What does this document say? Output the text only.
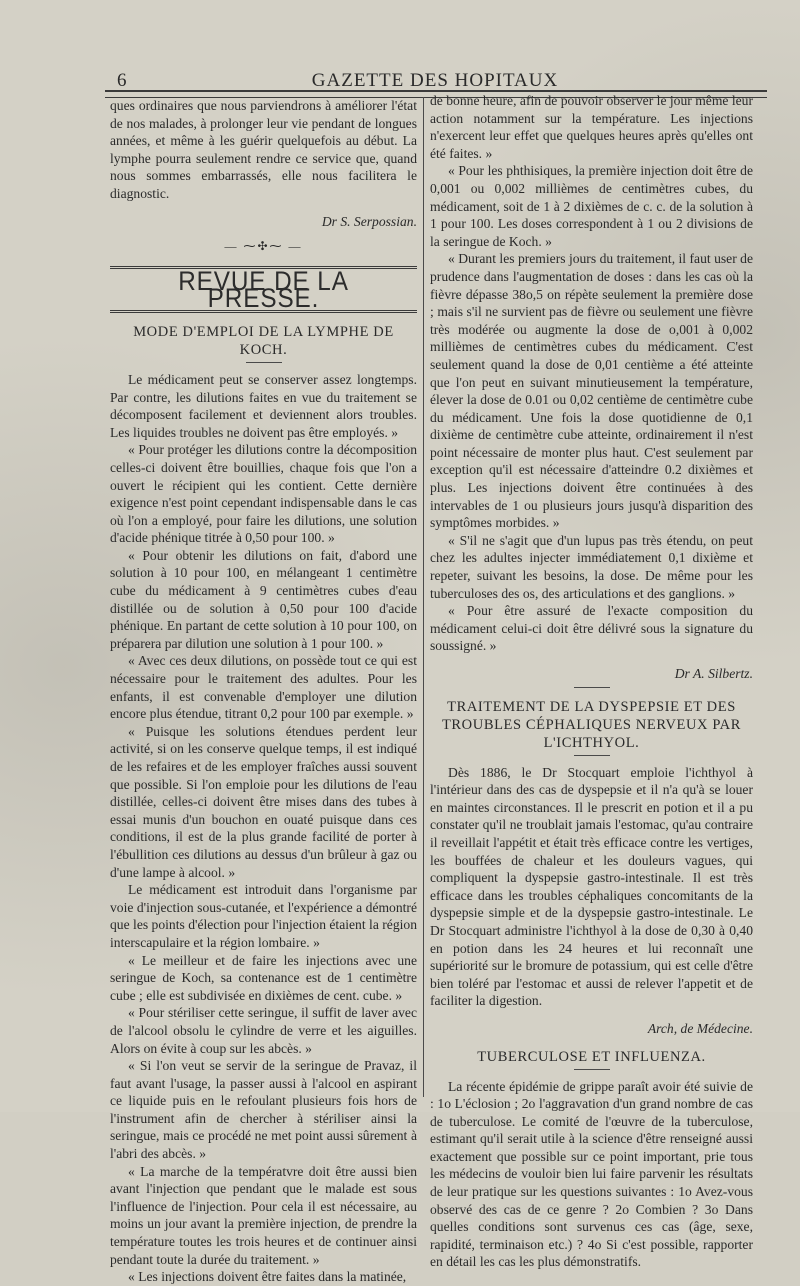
6	GAZETTE DES HOPITAUX

ques ordinaires que nous parviendrons à améliorer l'état de nos malades, à prolonger leur vie pendant de longues années, et même à les guérir quelquefois au début. La lymphe pourra seulement rendre ce service que, quand nous sommes embarrassés, elle nous facilitera le diagnostic.

Dr S. Serpossian.

— ⁓✣⁓ —
REVUE DE LA PRESSE.
MODE D'EMPLOI DE LA LYMPHE DE KOCH.

Le médicament peut se conserver assez longtemps. Par contre, les dilutions faites en vue du traitement se décomposent facilement et deviennent alors troubles. Les liquides troubles ne doivent pas être employés. »

« Pour protéger les dilutions contre la décomposition celles-ci doivent être bouillies, chaque fois que l'on a ouvert le récipient qui les contient. Cette dernière exigence n'est point cependant indispensable dans le cas où l'on a employé, pour faire les dilutions, une solution d'acide phénique titrée à 0,50 pour 100. »

« Pour obtenir les dilutions on fait, d'abord une solution à 10 pour 100, en mélangeant 1 centimètre cube du médicament à 9 centimètres cubes d'eau distillée ou de solution à 0,50 pour 100 d'acide phénique. En partant de cette solution à 10 pour 100, on préparera par dilution une solution à 1 pour 100. »

« Avec ces deux dilutions, on possède tout ce qui est nécessaire pour le traitement des adultes. Pour les enfants, il est convenable d'employer une dilution encore plus étendue, titrant 0,2 pour 100 par exemple. »

« Puisque les solutions étendues perdent leur activité, si on les conserve quelque temps, il est indiqué de les refaires et de les employer fraîches aussi souvent que possible. Si l'on emploie pour les dilutions de l'eau distillée, celles-ci doivent être mises dans des tubes à essai munis d'un bouchon en ouaté puisque dans ces conditions, il est de la plus grande facilité de porter à l'ébullition ces dilutions au dessus d'un brûleur à gaz ou d'une lampe à alcool. »

Le médicament est introduit dans l'organisme par voie d'injection sous-cutanée, et l'expérience a démontré que les points d'élection pour l'injection étaient la région interscapulaire et la région lombaire. »

« Le meilleur et de faire les injections avec une seringue de Koch, sa contenance est de 1 centimètre cube ; elle est subdivisée en dixièmes de cent. cube. »

« Pour stériliser cette seringue, il suffit de laver avec de l'alcool obsolu le cylindre de verre et les aiguilles. Alors on évite à coup sur les abcès. »

« Si l'on veut se servir de la seringue de Pravaz, il faut avant l'usage, la passer aussi à l'alcool en aspirant ce liquide puis en le refoulant plusieurs fois hors de l'instrument afin de chercher à stériliser ainsi la seringue, mais ce procédé ne met point aussi sûrement à l'abri des abcès. »

« La marche de la températvre doit être aussi bien avant l'injection que pendant que le malade est sous l'influence de l'injection. Pour cela il est nécessaire, au moins un jour avant la première injection, de prendre la température toutes les trois heures et de continuer ainsi pendant toute la durée du traitement. »

« Les injections doivent être faites dans la matinée,

de bonne heure, afin de pouvoir observer le jour même leur action notamment sur la température. Les injections n'exercent leur effet que quelques heures après qu'elles ont été faites. »

« Pour les phthisiques, la première injection doit être de 0,001 ou 0,002 millièmes de centimètres cubes, du médicament, soit de 1 à 2 dixièmes de c. c. de la solution à 1 pour 100. Les doses correspondent à 1 ou 2 divisions de la seringue de Koch. »

« Durant les premiers jours du traitement, il faut user de prudence dans l'augmentation de doses : dans les cas où la fièvre dépasse 38o,5 on répète seulement la première dose ; mais s'il ne survient pas de fièvre ou seulement une fièvre très modérée ou augmente la dose de o,001 à 0,002 millièmes de centimètres cubes du médicament. C'est seulement quand la dose de 0,01 centième a été atteinte que l'on peut en suivant minutieusement la température, élever la dose de 0.01 ou 0,02 centième de centimètre cube du médicament. Une fois la dose quotidienne de 0,1 dixième de centimètre cube atteinte, ordinairement il n'est point nécessaire de monter plus haut. C'est seulement par exception qu'il est nécessaire d'atteindre 0.2 dixièmes et plus. Les injections doivent être continuées à des intervables de 1 ou plusieurs jours jusqu'à disparition des symptômes morbides. »

« S'il ne s'agit que d'un lupus pas très étendu, on peut chez les adultes injecter immédiatement 0,1 dixième et repeter, suivant les besoins, la dose. De même pour les tuberculoses des os, des articulations et des ganglions. »

« Pour être assuré de l'exacte composition du médicament celui-ci doit être délivré sous la signature du soussigné. »

Dr A. Silbertz.

TRAITEMENT DE LA DYSPEPSIE ET DES TROUBLES CÉPHALIQUES NERVEUX PAR L'ICHTHYOL.

Dès 1886, le Dr Stocquart emploie l'ichthyol à l'intérieur dans des cas de dyspepsie et il n'a qu'à se louer en maintes circonstances. Il le prescrit en potion et il a pu constater qu'il ne troublait jamais l'estomac, qu'au contraire il reveillait l'appétit et était très efficace contre les vertiges, les bouffées de chaleur et les douleurs vagues, qui compliquent la dyspepsie gastro-intestinale. Il est très efficace dans les troubles céphaliques concomitants de la dyspepsie simple et de la dyspepsie gastro-intestinale. Le Dr Stocquart administre l'ichthyol à la dose de 0,30 à 0,40 en potion dans les 24 heures et lui reconnaît une supériorité sur le bromure de potassium, qui est celle d'être bien toléré par l'estomac et aussi de relever l'appetit et de faciliter la digestion.

Arch, de Médecine.

TUBERCULOSE ET INFLUENZA.

La récente épidémie de grippe paraît avoir été suivie de : 1o L'éclosion ; 2o l'aggravation d'un grand nombre de cas de tuberculose. Le comité de l'œuvre de la tuberculose, estimant qu'il serait utile à la science d'être renseigné aussi exactement que possible sur ce point important, prie tous les médecins de vouloir bien lui faire parvenir les résultats de leur pratique sur les questions suivantes : 1o Avez-vous observé des cas de ce genre ? 2o Combien ? 3o Dans quelles conditions sont survenus ces cas (âge, sexe, rapidité, terminaison etc.) ? 4o Si c'est possible, rapporter en détail les cas les plus démonstratifs.
